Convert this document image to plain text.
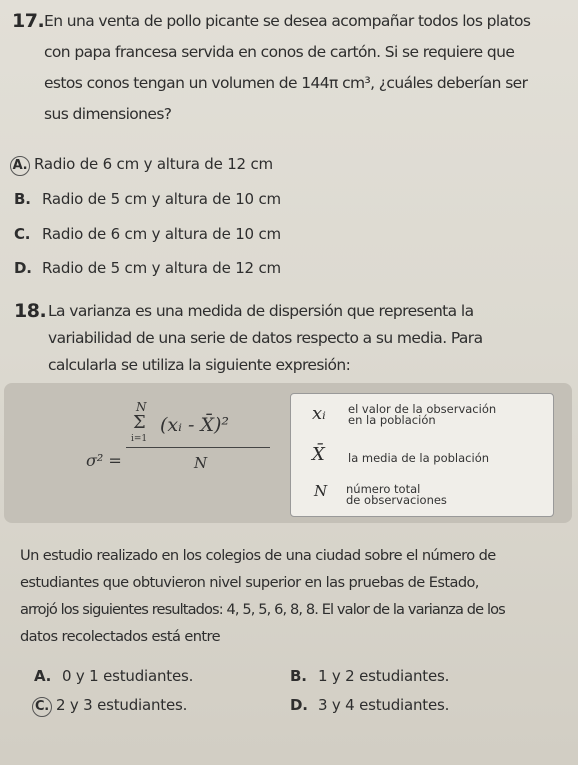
17. En una venta de pollo picante se desea acompañar todos los platos
con papa francesa servida en conos de cartón. Si se requiere que
estos conos tengan un volumen de 144π cm³, ¿cuáles deberían ser
sus dimensiones?
A. Radio de 6 cm y altura de 12 cm
B. Radio de 5 cm y altura de 10 cm
C. Radio de 6 cm y altura de 10 cm
D. Radio de 5 cm y altura de 12 cm
18. La varianza es una medida de dispersión que representa la
variabilidad de una serie de datos respecto a su media. Para
calcularla se utiliza la siguiente expresión:
σ² =
N
Σ
i=1
(xᵢ - X̄)²
N
xᵢ el valor de la observación
en la población
X̄ la media de la población
N número total
de observaciones
Un estudio realizado en los colegios de una ciudad sobre el número de
estudiantes que obtuvieron nivel superior en las pruebas de Estado,
arrojó los siguientes resultados: 4, 5, 5, 6, 8, 8. El valor de la varianza de los
datos recolectados está entre
A. 0 y 1 estudiantes.	B. 1 y 2 estudiantes.
C. 2 y 3 estudiantes.	D. 3 y 4 estudiantes.
